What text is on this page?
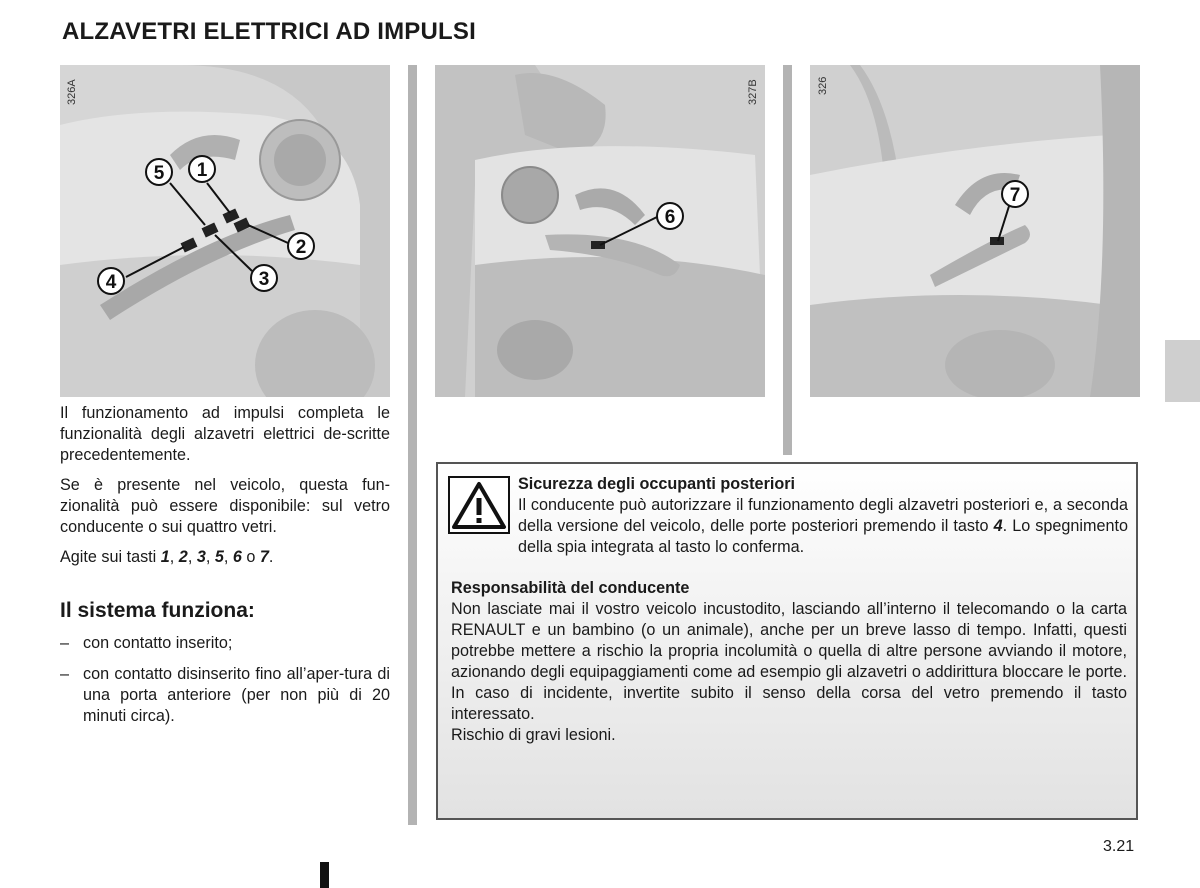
ALZAVETRI ELETTRICI AD IMPULSI
5 1
2
3
4
326A
6
327B
7
326

Il funzionamento ad impulsi completa le funzionalità degli alzavetri elettrici de-scritte precedentemente.

Se è presente nel veicolo, questa fun-zionalità può essere disponibile: sul vetro conducente o sui quattro vetri.

Agite sui tasti 1, 2, 3, 5, 6 o 7.

Il sistema funziona:
– con contatto inserito;
– con contatto disinserito fino all’aper-tura di una porta anteriore (per non più di 20 minuti circa).
Sicurezza degli occupanti posteriori
Il conducente può autorizzare il funzionamento degli alzavetri posteriori e, a seconda della versione del veicolo, delle porte posteriori premendo il tasto 4. Lo spegnimento della spia integrata al tasto lo conferma.
Responsabilità del conducente
Non lasciate mai il vostro veicolo incustodito, lasciando all’interno il telecomando o la carta RENAULT e un bambino (o un animale), anche per un breve lasso di tempo. Infatti, questi potrebbe mettere a rischio la propria incolumità o quella di altre persone avviando il motore, azionando degli equipaggiamenti come ad esempio gli alzavetri o addirittura bloccare le porte. In caso di incidente, invertite subito il senso della corsa del vetro premendo il tasto interessato.
Rischio di gravi lesioni.
3.21
